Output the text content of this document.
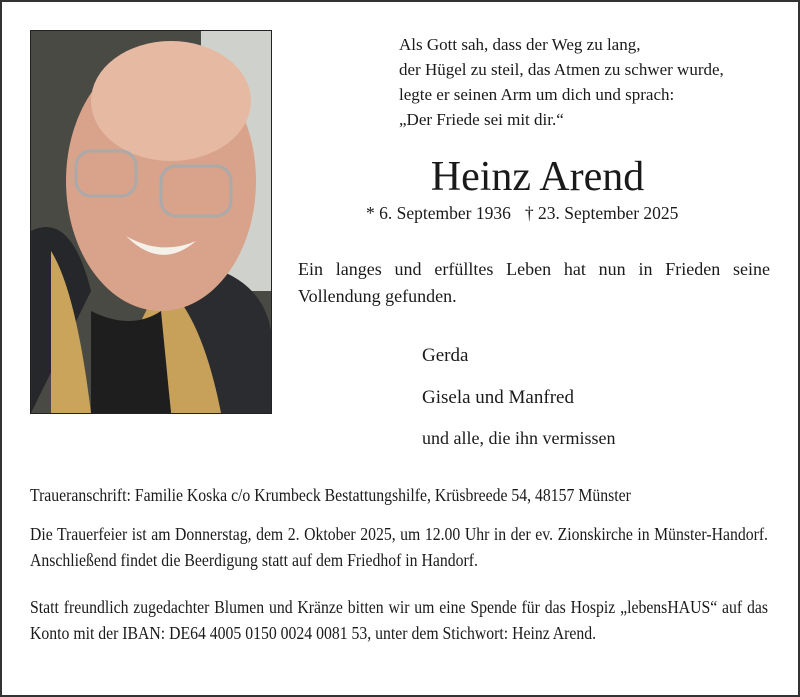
Als Gott sah, dass der Weg zu lang,
der Hügel zu steil, das Atmen zu schwer wurde,
legte er seinen Arm um dich und sprach:
„Der Friede sei mit dir.“
Heinz Arend
* 6. September 1936 † 23. September 2025
Ein langes und erfülltes Leben hat nun in Frieden seine Vollendung gefunden.
Gerda
Gisela und Manfred
und alle, die ihn vermissen
Traueranschrift: Familie Koska c/o Krumbeck Bestattungshilfe, Krüsbreede 54, 48157 Münster
Die Trauerfeier ist am Donnerstag, dem 2. Oktober 2025, um 12.00 Uhr in der ev. Zionskirche in Münster-Handorf. Anschließend findet die Beerdigung statt auf dem Friedhof in Handorf.
Statt freundlich zugedachter Blumen und Kränze bitten wir um eine Spende für das Hospiz „lebensHAUS“ auf das Konto mit der IBAN: DE64 4005 0150 0024 0081 53, unter dem Stichwort: Heinz Arend.
